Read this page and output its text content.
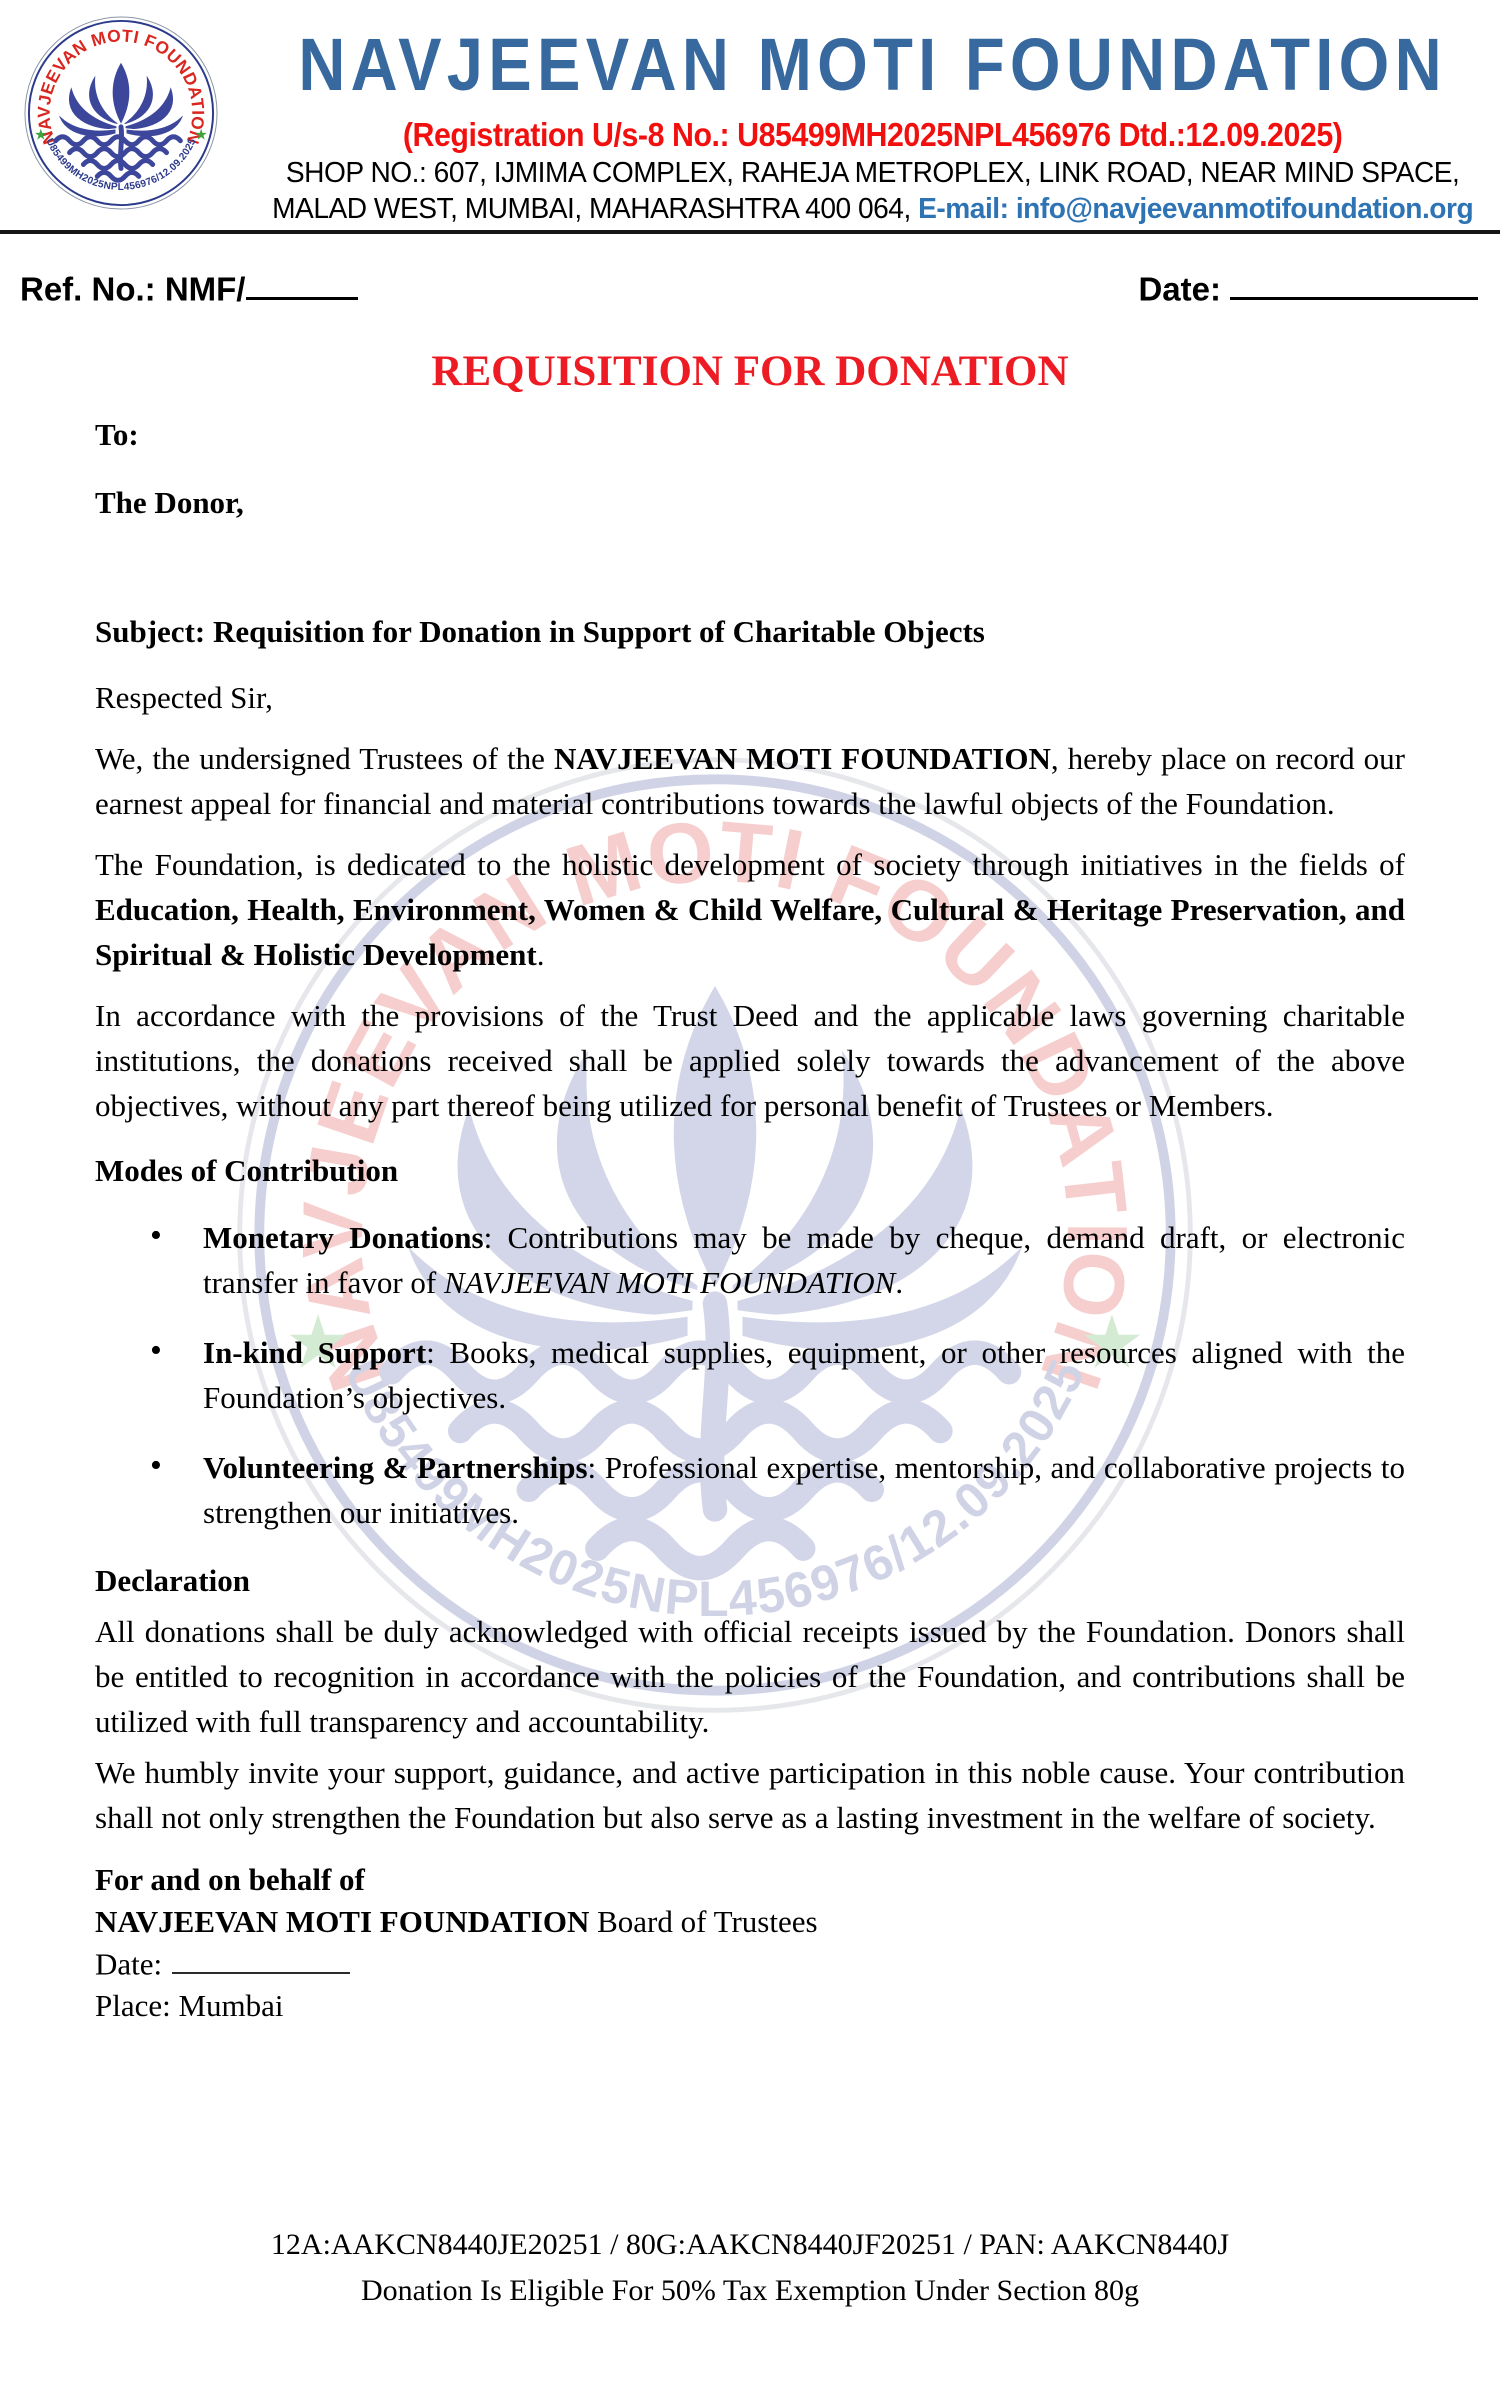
NAVJEEVAN MOTI FOUNDATION
(Registration U/s-8 No.: U85499MH2025NPL456976 Dtd.:12.09.2025)
SHOP NO.: 607, IJMIMA COMPLEX, RAHEJA METROPLEX, LINK ROAD, NEAR MIND SPACE,
MALAD WEST, MUMBAI, MAHARASHTRA 400 064, E-mail: info@navjeevanmotifoundation.org
Ref. No.: NMF/	Date:
REQUISITION FOR DONATION

To:

The Donor,

Subject: Requisition for Donation in Support of Charitable Objects

Respected Sir,

We, the undersigned Trustees of the NAVJEEVAN MOTI FOUNDATION, hereby place on record our earnest appeal for financial and material contributions towards the lawful objects of the Foundation.

The Foundation, is dedicated to the holistic development of society through initiatives in the fields of Education, Health, Environment, Women & Child Welfare, Cultural & Heritage Preservation, and Spiritual & Holistic Development.

In accordance with the provisions of the Trust Deed and the applicable laws governing charitable institutions, the donations received shall be applied solely towards the advancement of the above objectives, without any part thereof being utilized for personal benefit of Trustees or Members.

Modes of Contribution
• Monetary Donations: Contributions may be made by cheque, demand draft, or electronic transfer in favor of NAVJEEVAN MOTI FOUNDATION.
• In-kind Support: Books, medical supplies, equipment, or other resources aligned with the Foundation’s objectives.
• Volunteering & Partnerships: Professional expertise, mentorship, and collaborative projects to strengthen our initiatives.
Declaration

All donations shall be duly acknowledged with official receipts issued by the Foundation. Donors shall be entitled to recognition in accordance with the policies of the Foundation, and contributions shall be utilized with full transparency and accountability.

We humbly invite your support, guidance, and active participation in this noble cause. Your contribution shall not only strengthen the Foundation but also serve as a lasting investment in the welfare of society.

For and on behalf of
NAVJEEVAN MOTI FOUNDATION Board of Trustees
Date:
Place: Mumbai
12A:AAKCN8440JE20251 / 80G:AAKCN8440JF20251 / PAN: AAKCN8440J
Donation Is Eligible For 50% Tax Exemption Under Section 80g
